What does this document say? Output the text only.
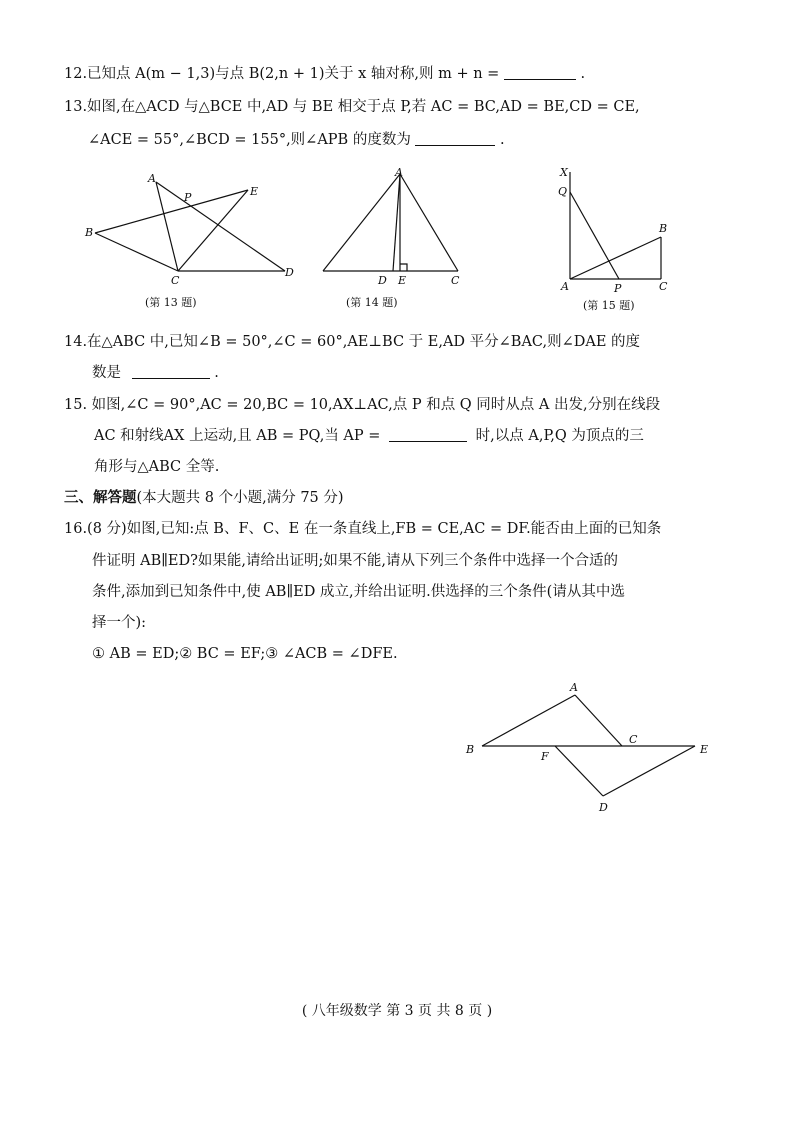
12.已知点 A(m − 1,3)与点 B(2,n + 1)关于 x 轴对称,则 m + n =	.
13.如图,在△ACD 与△BCE 中,AD 与 BE 相交于点 P,若 AC = BC,AD = BE,CD = CE,
∠ACE = 55°,∠BCD = 155°,则∠APB 的度数为	.
A
P	E
B
C
D
(第 13 题)
A
D E	C
(第 14 题)
X
Q
B
A	P	C
(第 15 题)
14.在△ABC 中,已知∠B = 50°,∠C = 60°,AE⊥BC 于 E,AD 平分∠BAC,则∠DAE 的度
数是	.
15. 如图,∠C = 90°,AC = 20,BC = 10,AX⊥AC,点 P 和点 Q 同时从点 A 出发,分别在线段
AC 和射线AX 上运动,且 AB = PQ,当 AP =	时,以点 A,P,Q 为顶点的三
角形与△ABC 全等.
三、解答题(本大题共 8 个小题,满分 75 分)
16.(8 分)如图,已知:点 B、F、C、E 在一条直线上,FB = CE,AC = DF.能否由上面的已知条
件证明 AB∥ED?如果能,请给出证明;如果不能,请从下列三个条件中选择一个合适的
条件,添加到已知条件中,使 AB∥ED 成立,并给出证明.供选择的三个条件(请从其中选
择一个):
① AB = ED;② BC = EF;③ ∠ACB = ∠DFE.
A
C
B
F
E
D
( 八年级数学 第 3 页 共 8 页 )
